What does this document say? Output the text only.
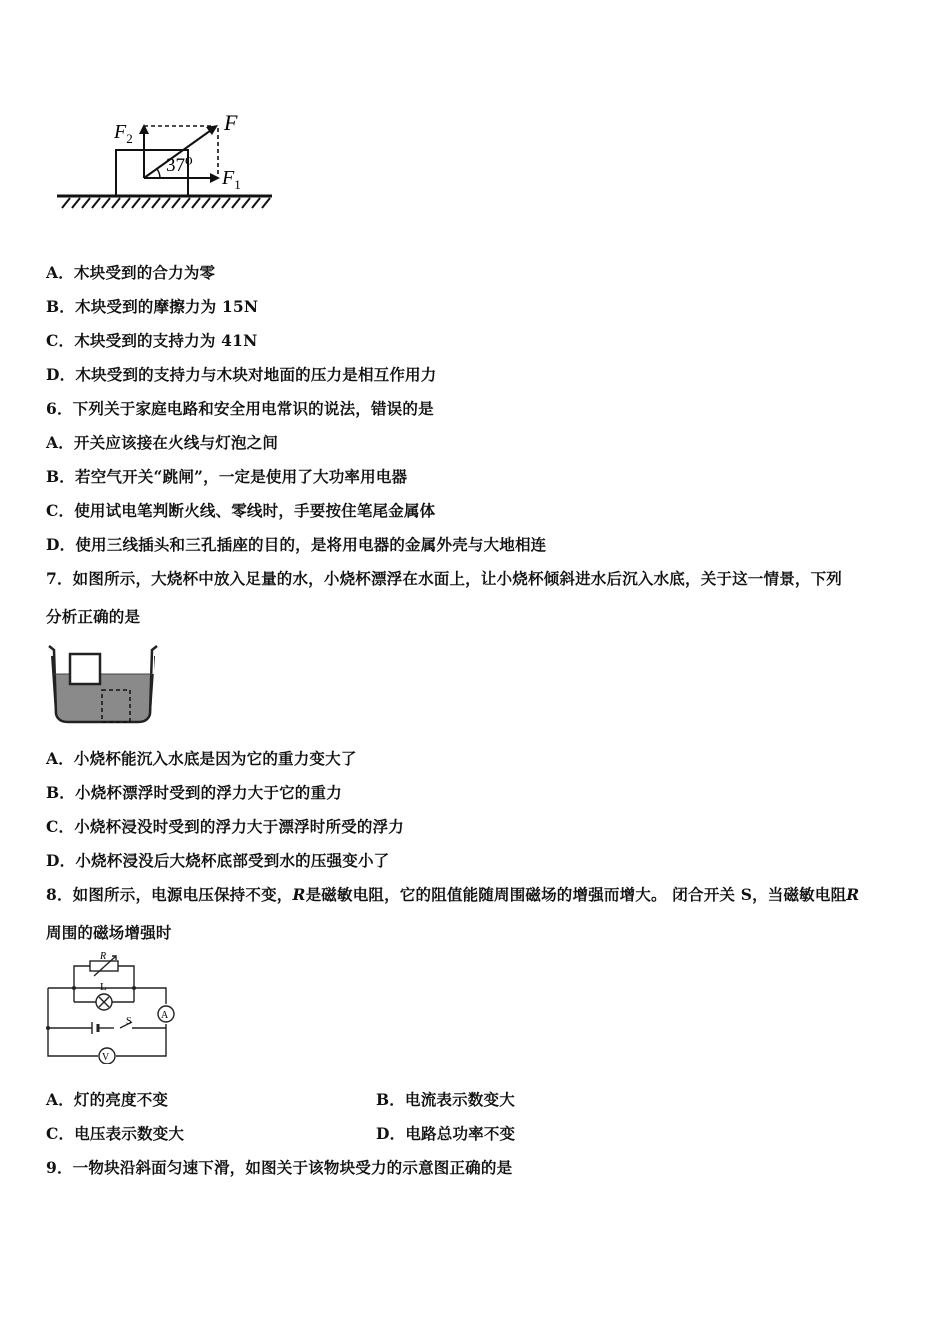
37⁰
F
$F_1$
$F_2$
A．木块受到的合力为零
B．木块受到的摩擦力为 15N
C．木块受到的支持力为 41N
D．木块受到的支持力与木块对地面的压力是相互作用力
6．下列关于家庭电路和安全用电常识的说法，错误的是
A．开关应该接在火线与灯泡之间
B．若空气开关“跳闸”，一定是使用了大功率用电器
C．使用试电笔判断火线、零线时，手要按住笔尾金属体
D．使用三线插头和三孔插座的目的，是将用电器的金属外壳与大地相连
7．如图所示，大烧杯中放入足量的水，小烧杯漂浮在水面上，让小烧杯倾斜进水后沉入水底，关于这一情景，下列
分析正确的是
A．小烧杯能沉入水底是因为它的重力变大了
B．小烧杯漂浮时受到的浮力大于它的重力
C．小烧杯浸没时受到的浮力大于漂浮时所受的浮力
D．小烧杯浸没后大烧杯底部受到水的压强变小了
8．如图所示，电源电压保持不变，R是磁敏电阻，它的阻值能随周围磁场的增强而增大。 闭合开关 S，当磁敏电阻R
周围的磁场增强时
R
L
A
S
V
A．灯的亮度不变	B．电流表示数变大
C．电压表示数变大	D．电路总功率不变
9．一物块沿斜面匀速下滑，如图关于该物块受力的示意图正确的是
